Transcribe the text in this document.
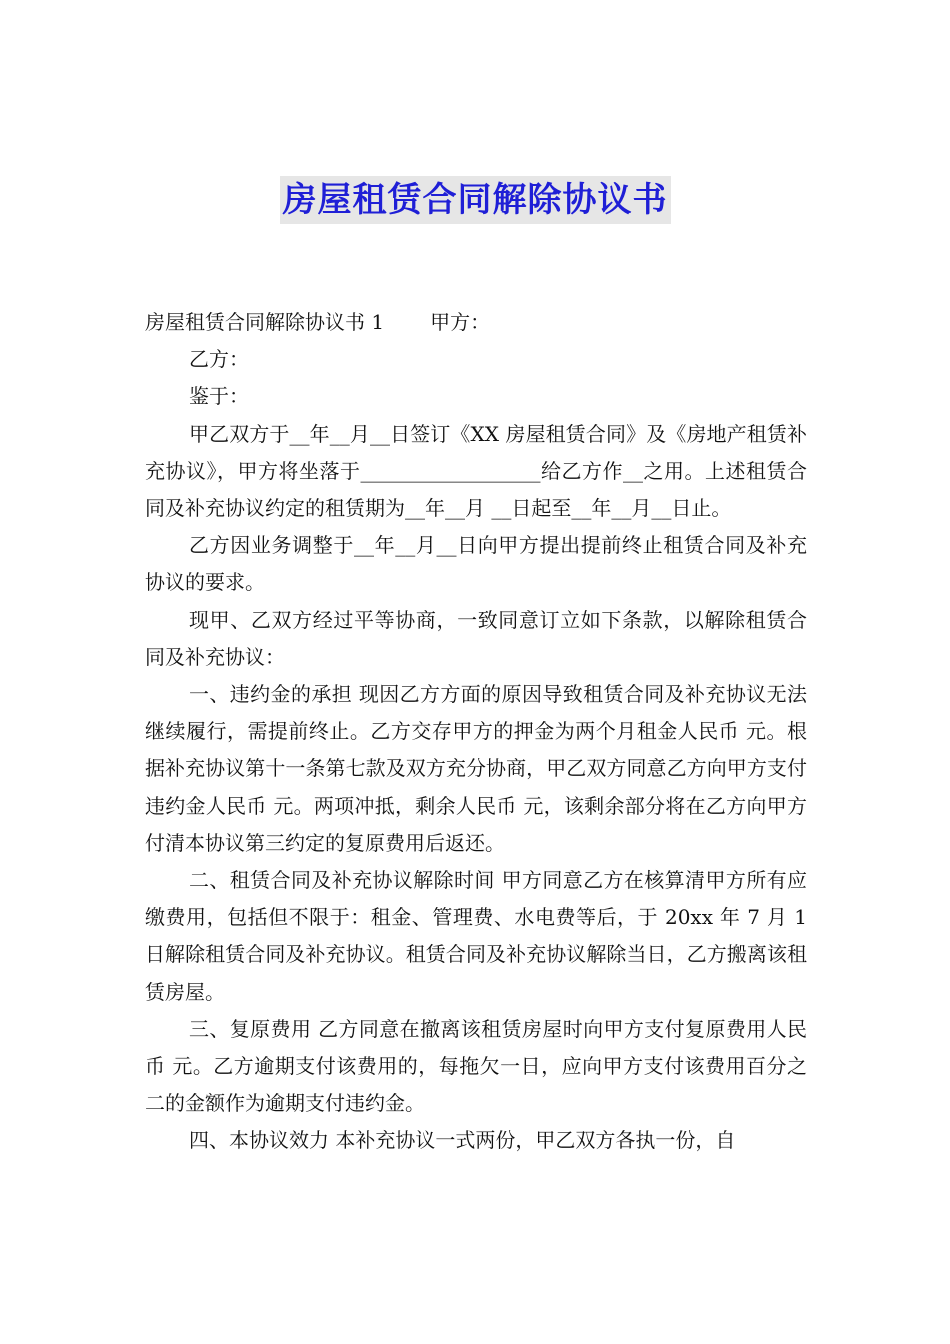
房屋租赁合同解除协议书

房屋租赁合同解除协议书 1 甲方：

乙方：

鉴于：

甲乙双方于__年__月__日签订《XX 房屋租赁合同》及《房地产租赁补充协议》，甲方将坐落于__________________给乙方作__之用。上述租赁合同及补充协议约定的租赁期为__年__月 __日起至__年__月__日止。

乙方因业务调整于__年__月__日向甲方提出提前终止租赁合同及补充协议的要求。

现甲、乙双方经过平等协商，一致同意订立如下条款，以解除租赁合同及补充协议：

一、违约金的承担 现因乙方方面的原因导致租赁合同及补充协议无法继续履行，需提前终止。乙方交存甲方的押金为两个月租金人民币 元。根据补充协议第十一条第七款及双方充分协商，甲乙双方同意乙方向甲方支付违约金人民币 元。两项冲抵，剩余人民币 元，该剩余部分将在乙方向甲方付清本协议第三约定的复原费用后返还。

二、租赁合同及补充协议解除时间 甲方同意乙方在核算清甲方所有应缴费用，包括但不限于：租金、管理费、水电费等后，于 20xx 年 7 月 1 日解除租赁合同及补充协议。租赁合同及补充协议解除当日，乙方搬离该租赁房屋。

三、复原费用 乙方同意在撤离该租赁房屋时向甲方支付复原费用人民币 元。乙方逾期支付该费用的，每拖欠一日，应向甲方支付该费用百分之二的金额作为逾期支付违约金。

四、本协议效力 本补充协议一式两份，甲乙双方各执一份，自
